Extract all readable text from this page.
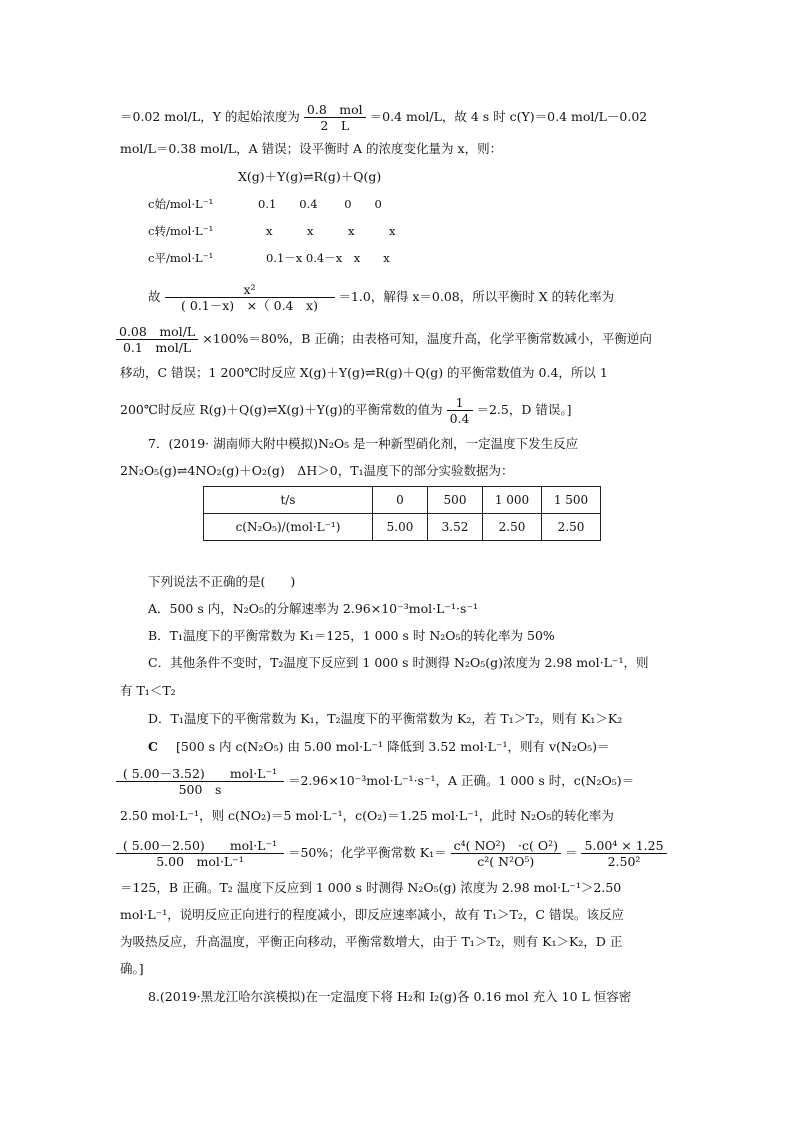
＝0.02 mol/L，Y 的起始浓度为 $\frac{\text{0.8　mol}}{2 L} =0.4$ mol/L，故 4 s 时 c(Y)＝0.4 mol/L－0.02
mol/L＝0.38 mol/L，A 错误；设平衡时 A 的浓度变化量为 x，则：
X(g)＋Y(g)⇌R(g)＋Q(g)
c始/mol·L⁻¹	0.1　　0.4　　 0　　0
c转/mol·L⁻¹	x　　　x　　　x　　　x
c平/mol·L⁻¹	0.1－x 0.4－x　x　　x
故 $\frac{\text{x²}}{( 0.1-x) \times( 0.4 x)} =1.0$，解得 x＝0.08，所以平衡时 X 的转化率为
$\frac{\text{0.08　mol/L}}{\text{0.1　mol/L}} \times 100\%=80\%$，B 正确；由表格可知，温度升高，化学平衡常数减小，平衡逆向
移动，C 错误；1 200℃时反应 X(g)＋Y(g)⇌R(g)＋Q(g) 的平衡常数值为 0.4，所以 1
200℃时反应 R(g)＋Q(g)⇌X(g)＋Y(g)的平衡常数的值为 $\frac{1}{0.4} =2.5$，D 错误。]
7．(2019· 湖南师大附中模拟)N₂O₅ 是一种新型硝化剂，一定温度下发生反应
2N₂O₅(g)⇌4NO₂(g)＋O₂(g)　ΔH＞0，T₁温度下的部分实验数据为：
t/s	0	500	1 000	1 500
c(N₂O₅)/(mol·L⁻¹)	5.00	3.52	2.50	2.50
下列说法不正确的是(　　)
A．500 s 内，N₂O₅的分解速率为 2.96×10⁻³mol·L⁻¹·s⁻¹
B．T₁温度下的平衡常数为 K₁＝125，1 000 s 时 N₂O₅的转化率为 50%
C．其他条件不变时，T₂温度下反应到 1 000 s 时测得 N₂O₅(g)浓度为 2.98 mol·L⁻¹，则
有 T₁＜T₂
D．T₁温度下的平衡常数为 K₁，T₂温度下的平衡常数为 K₂，若 T₁＞T₂，则有 K₁＞K₂
C [500 s 内 c(N₂O₅) 由 5.00 mol·L⁻¹ 降低到 3.52 mol·L⁻¹，则有 v(N₂O₅)＝
$\frac{\text{( 5.00－3.52)　　mol·L⁻¹}}{500 s} =2.96\times 10^{-3}mol\cdot L^{-1}\cdot s^{-1}$，A 正确。1 000 s 时，c(N₂O₅)＝
2.50 mol·L⁻¹，则 c(NO₂)＝5 mol·L⁻¹，c(O₂)＝1.25 mol·L⁻¹，此时 N₂O₅的转化率为
$\frac{\text{( 5.00－2.50)　　mol·L⁻¹}}{\text{5.00　mol·L⁻¹}} =50\%$；化学平衡常数 $K_1= \frac{\text{c⁴( NO²)　·c( O²)}}{\text{c²( N²O⁵)}} = \frac{\text{5.00⁴ × 1.25}}{\text{2.50²}}$
＝125，B 正确。T₂ 温度下反应到 1 000 s 时测得 N₂O₅(g) 浓度为 2.98 mol·L⁻¹＞2.50
mol·L⁻¹，说明反应正向进行的程度减小，即反应速率减小，故有 T₁＞T₂，C 错误。该反应
为吸热反应，升高温度，平衡正向移动，平衡常数增大，由于 T₁＞T₂，则有 K₁＞K₂，D 正
确。]
8.(2019·黑龙江哈尔滨模拟)在一定温度下将 H₂和 I₂(g)各 0.16 mol 充入 10 L 恒容密
